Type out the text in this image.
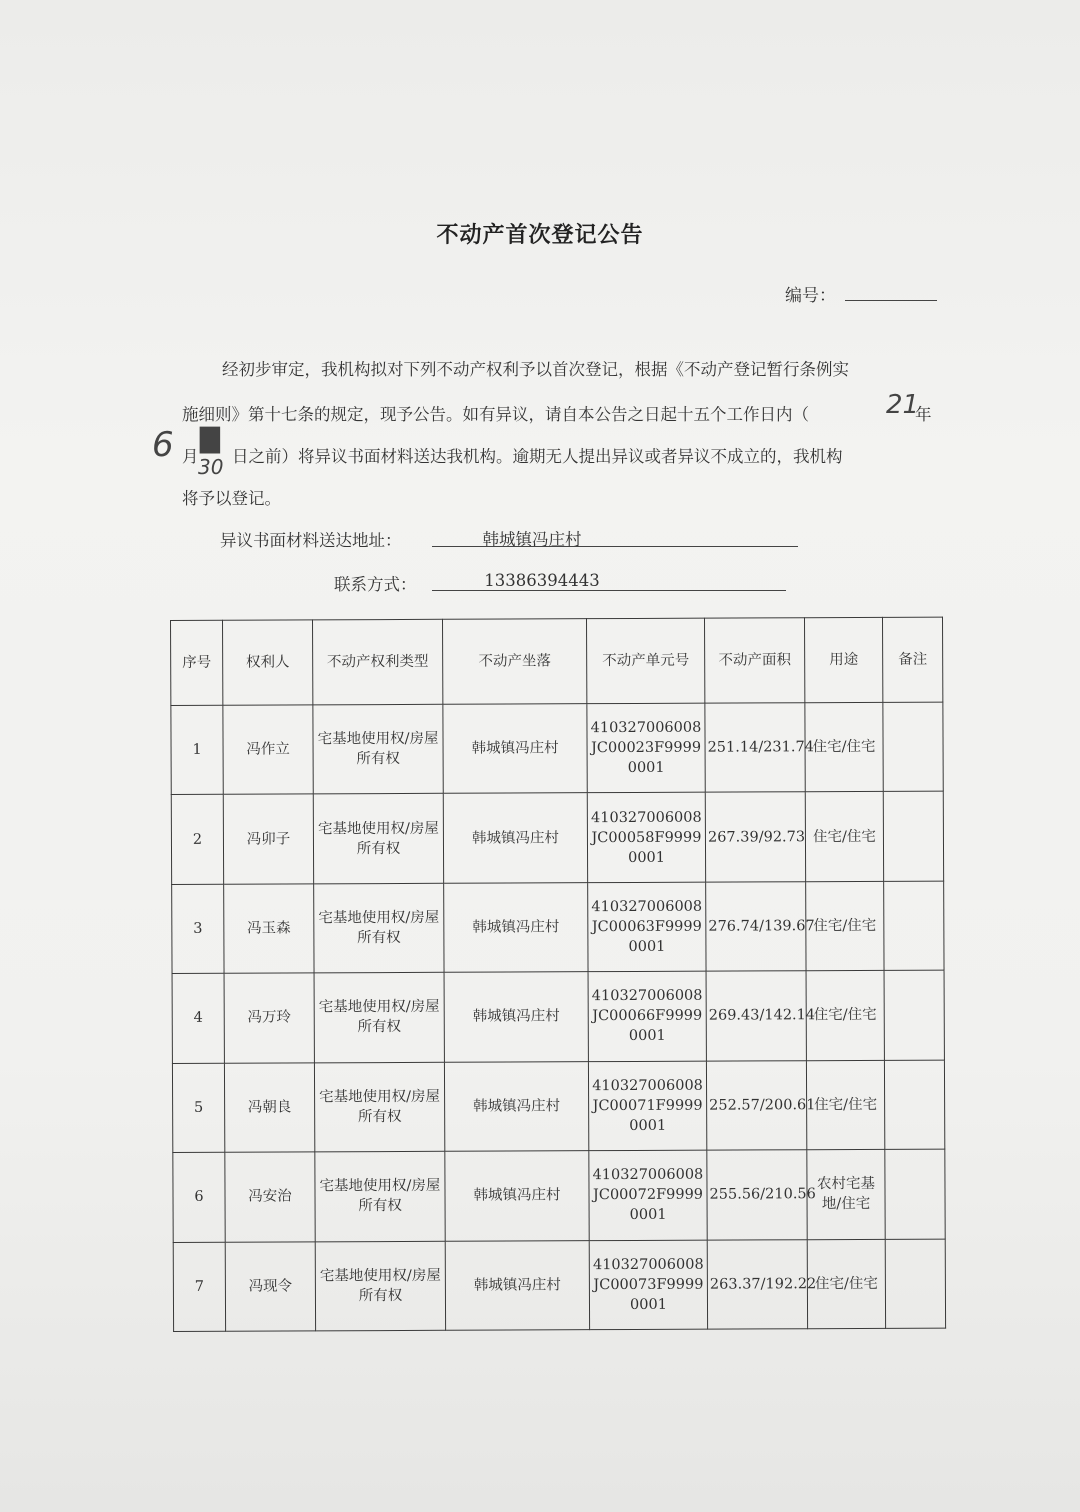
不动产首次登记公告
编号：
经初步审定，我机构拟对下列不动产权利予以首次登记，根据《不动产登记暂行条例实
施细则》第十七条的规定，现予公告。如有异议，请自本公告之日起十五个工作日内（	21
年
6 月
▇
30 日之前）将异议书面材料送达我机构。逾期无人提出异议或者异议不成立的，我机构
将予以登记。
异议书面材料送达地址：	韩城镇冯庄村
联系方式：	13386394443
序号	权利人	不动产权利类型	不动产坐落	不动产单元号	不动产面积	用途	备注
1	冯作立	宅基地使用权/房屋所有权	韩城镇冯庄村	410327006008JC00023F99990001	251.14/231.74	住宅/住宅	
2	冯卯子	宅基地使用权/房屋所有权	韩城镇冯庄村	410327006008JC00058F99990001	267.39/92.73	住宅/住宅	
3	冯玉森	宅基地使用权/房屋所有权	韩城镇冯庄村	410327006008JC00063F99990001	276.74/139.67	住宅/住宅	
4	冯万玲	宅基地使用权/房屋所有权	韩城镇冯庄村	410327006008JC00066F99990001	269.43/142.14	住宅/住宅	
5	冯朝良	宅基地使用权/房屋所有权	韩城镇冯庄村	410327006008JC00071F99990001	252.57/200.61	住宅/住宅	
6	冯安治	宅基地使用权/房屋所有权	韩城镇冯庄村	410327006008JC00072F99990001	255.56/210.56	农村宅基地/住宅	
7	冯现令	宅基地使用权/房屋所有权	韩城镇冯庄村	410327006008JC00073F99990001	263.37/192.22	住宅/住宅	
